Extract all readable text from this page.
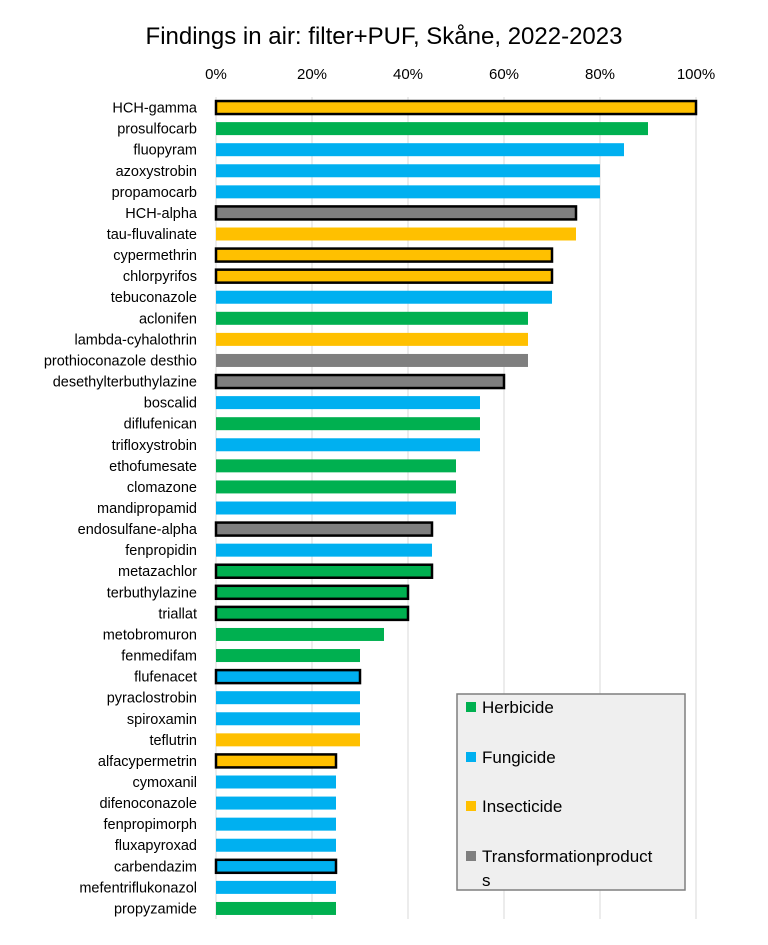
Findings in air: filter+PUF, Skåne, 2022-2023
0%	20%	40%	60%	80%	100%
HCH-gamma
prosulfocarb
fluopyram
azoxystrobin
propamocarb
HCH-alpha
tau-fluvalinate
cypermethrin
chlorpyrifos
tebuconazole
aclonifen
lambda-cyhalothrin
prothioconazole desthio
desethylterbuthylazine
boscalid
diflufenican
trifloxystrobin
ethofumesate
clomazone
mandipropamid
endosulfane-alpha
fenpropidin
metazachlor
terbuthylazine
triallat
metobromuron
fenmedifam
flufenacet
pyraclostrobin
spiroxamin
teflutrin
alfacypermetrin
cymoxanil
difenoconazole
fenpropimorph
fluxapyroxad
carbendazim
mefentriflukonazol
propyzamide
Herbicide
Fungicide
Insecticide
Transformationproduct
s
